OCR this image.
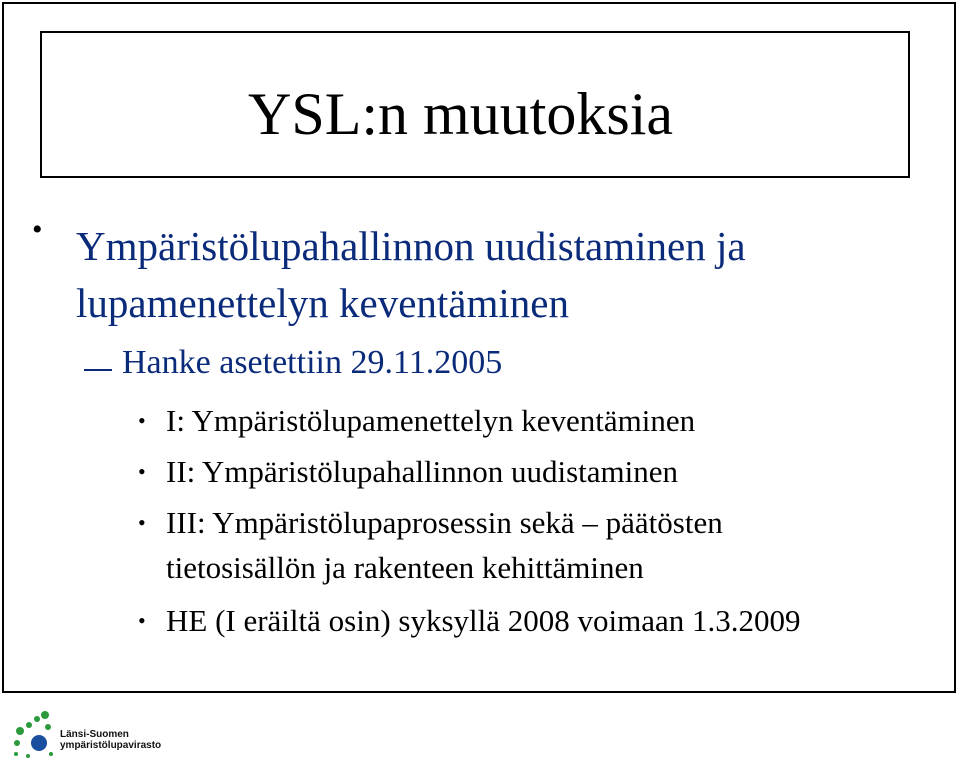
YSL:n muutoksia
• Ympäristölupahallinnon uudistaminen ja lupamenettelyn keventäminen
Hanke asetettiin 29.11.2005
• I: Ympäristölupamenettelyn keventäminen
• II: Ympäristölupahallinnon uudistaminen
• III: Ympäristölupaprosessin sekä – päätösten
tietosisällön ja rakenteen kehittäminen
• HE (I eräiltä osin) syksyllä 2008 voimaan 1.3.2009
Länsi-Suomen
ympäristölupavirasto
